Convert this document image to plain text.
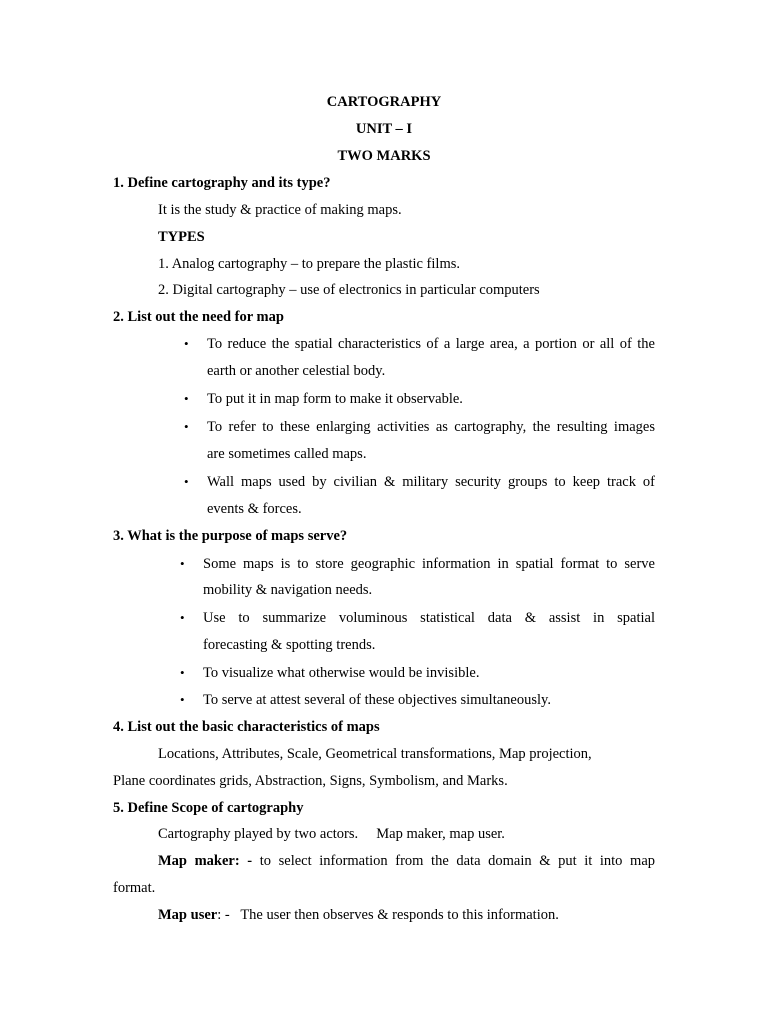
CARTOGRAPHY
UNIT – I
TWO MARKS
1. Define cartography and its type?
It is the study & practice of making maps.
TYPES
1. Analog cartography – to prepare the plastic films.
2. Digital cartography – use of electronics in particular computers
2. List out the need for map
• To reduce the spatial characteristics of a large area, a portion or all of the
earth or another celestial body.
• To put it in map form to make it observable.
• To refer to these enlarging activities as cartography, the resulting images
are sometimes called maps.
• Wall maps used by civilian & military security groups to keep track of
events & forces.
3. What is the purpose of maps serve?
• Some maps is to store geographic information in spatial format to serve
mobility & navigation needs.
• Use to summarize voluminous statistical data & assist in spatial
forecasting & spotting trends.
• To visualize what otherwise would be invisible.
• To serve at attest several of these objectives simultaneously.
4. List out the basic characteristics of maps
Locations, Attributes, Scale, Geometrical transformations, Map projection,
Plane coordinates grids, Abstraction, Signs, Symbolism, and Marks.
5. Define Scope of cartography
Cartography played by two actors.     Map maker, map user.
Map maker: - to select information from the data domain & put it into map
format.
Map user: -   The user then observes & responds to this information.
